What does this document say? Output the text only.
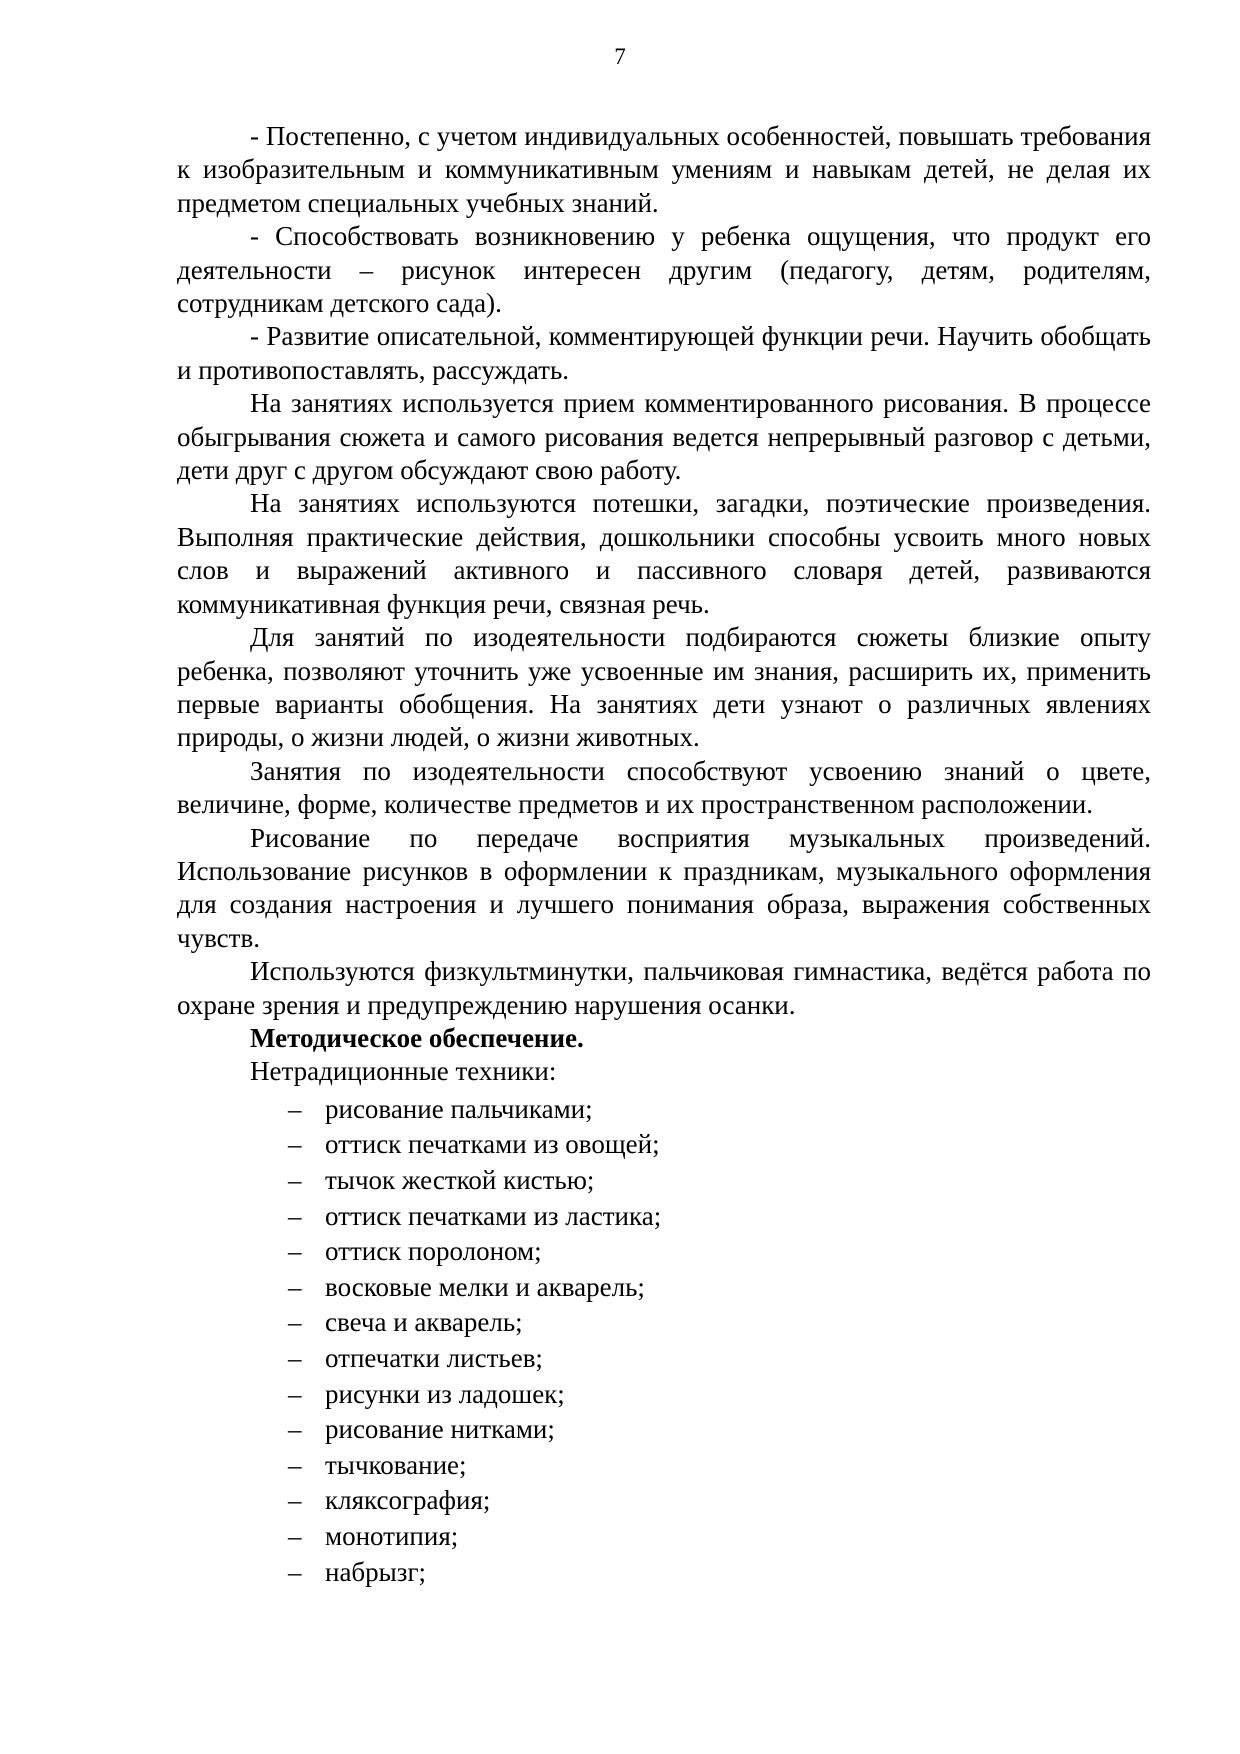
7

- Постепенно, с учетом индивидуальных особенностей, повышать требования к изобразительным и коммуникативным умениям и навыкам детей, не делая их предметом специальных учебных знаний.

- Способствовать возникновению у ребенка ощущения, что продукт его деятельности – рисунок интересен другим (педагогу, детям, родителям, сотрудникам детского сада).

- Развитие описательной, комментирующей функции речи. Научить обобщать и противопоставлять, рассуждать.

На занятиях используется прием комментированного рисования. В процессе обыгрывания сюжета и самого рисования ведется непрерывный разговор с детьми, дети друг с другом обсуждают свою работу.

На занятиях используются потешки, загадки, поэтические произведения. Выполняя практические действия, дошкольники способны усвоить много новых слов и выражений активного и пассивного словаря детей, развиваются коммуникативная функция речи, связная речь.

Для занятий по изодеятельности подбираются сюжеты близкие опыту ребенка, позволяют уточнить уже усвоенные им знания, расширить их, применить первые варианты обобщения. На занятиях дети узнают о различных явлениях природы, о жизни людей, о жизни животных.

Занятия по изодеятельности способствуют усвоению знаний о цвете, величине, форме, количестве предметов и их пространственном расположении.

Рисование по передаче восприятия музыкальных произведений. Использование рисунков в оформлении к праздникам, музыкального оформления для создания настроения и лучшего понимания образа, выражения собственных чувств.

Используются физкультминутки, пальчиковая гимнастика, ведётся работа по охране зрения и предупреждению нарушения осанки.

Методическое обеспечение.

Нетрадиционные техники:

– рисование пальчиками;
– оттиск печатками из овощей;
– тычок жесткой кистью;
– оттиск печатками из ластика;
– оттиск поролоном;
– восковые мелки и акварель;
– свеча и акварель;
– отпечатки листьев;
– рисунки из ладошек;
– рисование нитками;
– тычкование;
– кляксография;
– монотипия;
– набрызг;
